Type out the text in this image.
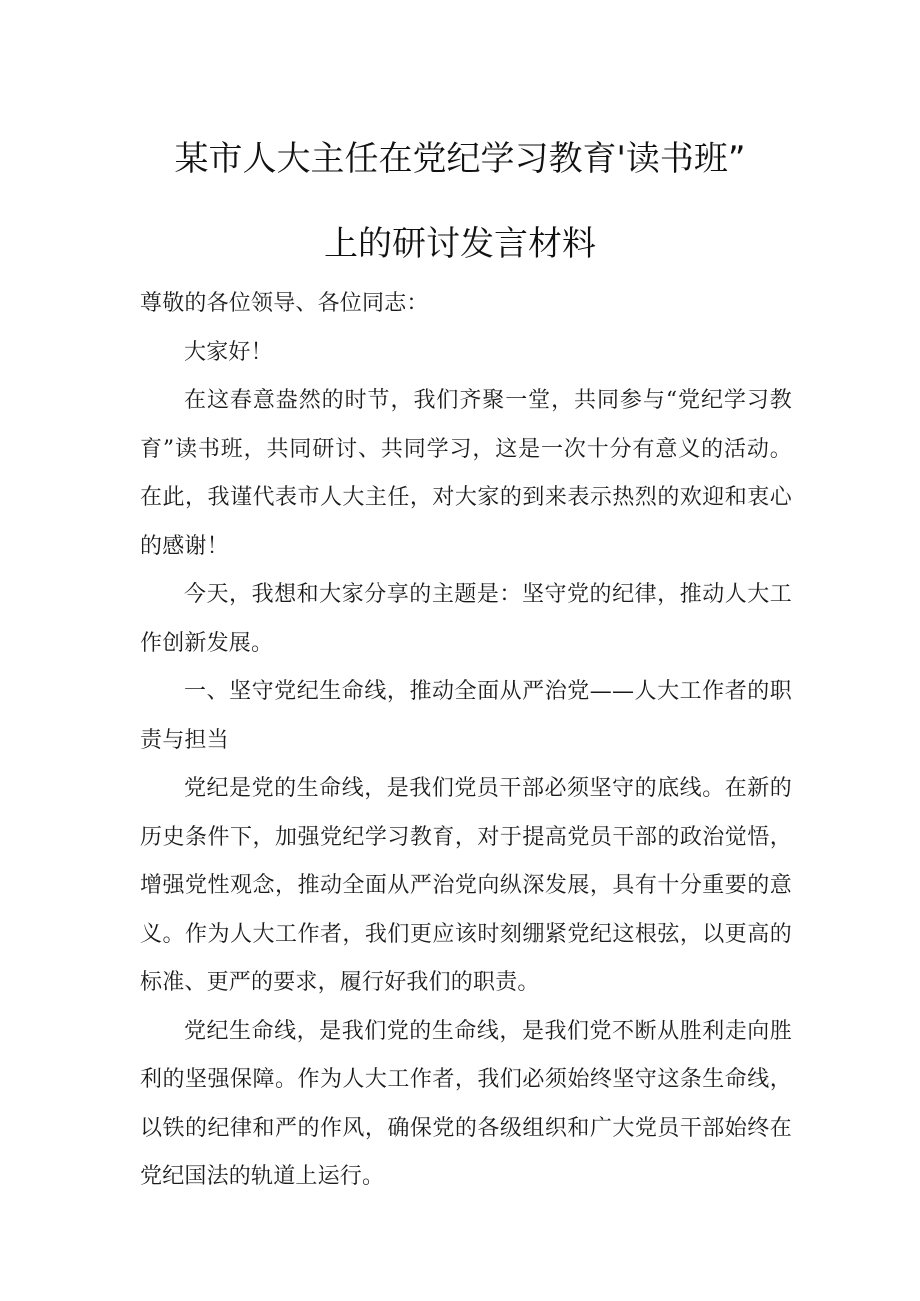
某市人大主任在党纪学习教育'读书班”
上的研讨发言材料

尊敬的各位领导、各位同志：

大家好！

在这春意盎然的时节，我们齐聚一堂，共同参与“党纪学习教育”读书班，共同研讨、共同学习，这是一次十分有意义的活动。在此，我谨代表市人大主任，对大家的到来表示热烈的欢迎和衷心的感谢！

今天，我想和大家分享的主题是：坚守党的纪律，推动人大工作创新发展。

一、坚守党纪生命线，推动全面从严治党——人大工作者的职责与担当

党纪是党的生命线，是我们党员干部必须坚守的底线。在新的历史条件下，加强党纪学习教育，对于提高党员干部的政治觉悟，增强党性观念，推动全面从严治党向纵深发展，具有十分重要的意义。作为人大工作者，我们更应该时刻绷紧党纪这根弦，以更高的标准、更严的要求，履行好我们的职责。

党纪生命线，是我们党的生命线，是我们党不断从胜利走向胜利的坚强保障。作为人大工作者，我们必须始终坚守这条生命线，以铁的纪律和严的作风，确保党的各级组织和广大党员干部始终在党纪国法的轨道上运行。
